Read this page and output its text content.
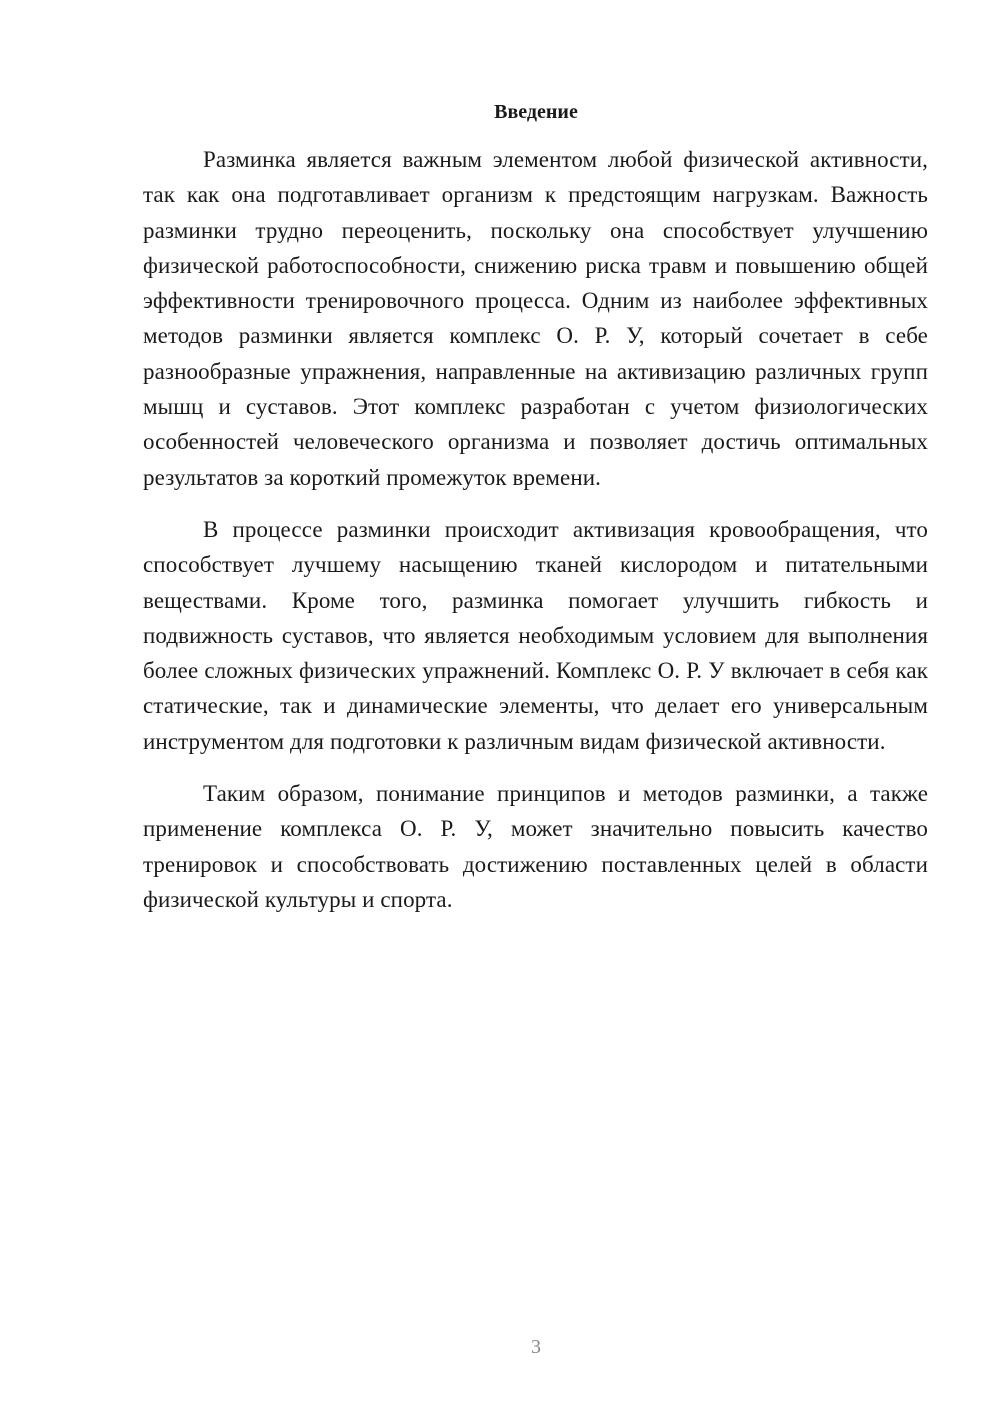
Введение

Разминка является важным элементом любой физической активности, так как она подготавливает организм к предстоящим нагрузкам. Важность разминки трудно переоценить, поскольку она способствует улучшению физической работоспособности, снижению риска травм и повышению общей эффективности тренировочного процесса. Одним из наиболее эффективных методов разминки является комплекс О. Р. У, который сочетает в себе разнообразные упражнения, направленные на активизацию различных групп мышц и суставов. Этот комплекс разработан с учетом физиологических особенностей человеческого организма и позволяет достичь оптимальных результатов за короткий промежуток времени.

В процессе разминки происходит активизация кровообращения, что способствует лучшему насыщению тканей кислородом и питательными веществами. Кроме того, разминка помогает улучшить гибкость и подвижность суставов, что является необходимым условием для выполнения более сложных физических упражнений. Комплекс О. Р. У включает в себя как статические, так и динамические элементы, что делает его универсальным инструментом для подготовки к различным видам физической активности.

Таким образом, понимание принципов и методов разминки, а также применение комплекса О. Р. У, может значительно повысить качество тренировок и способствовать достижению поставленных целей в области физической культуры и спорта.

3
